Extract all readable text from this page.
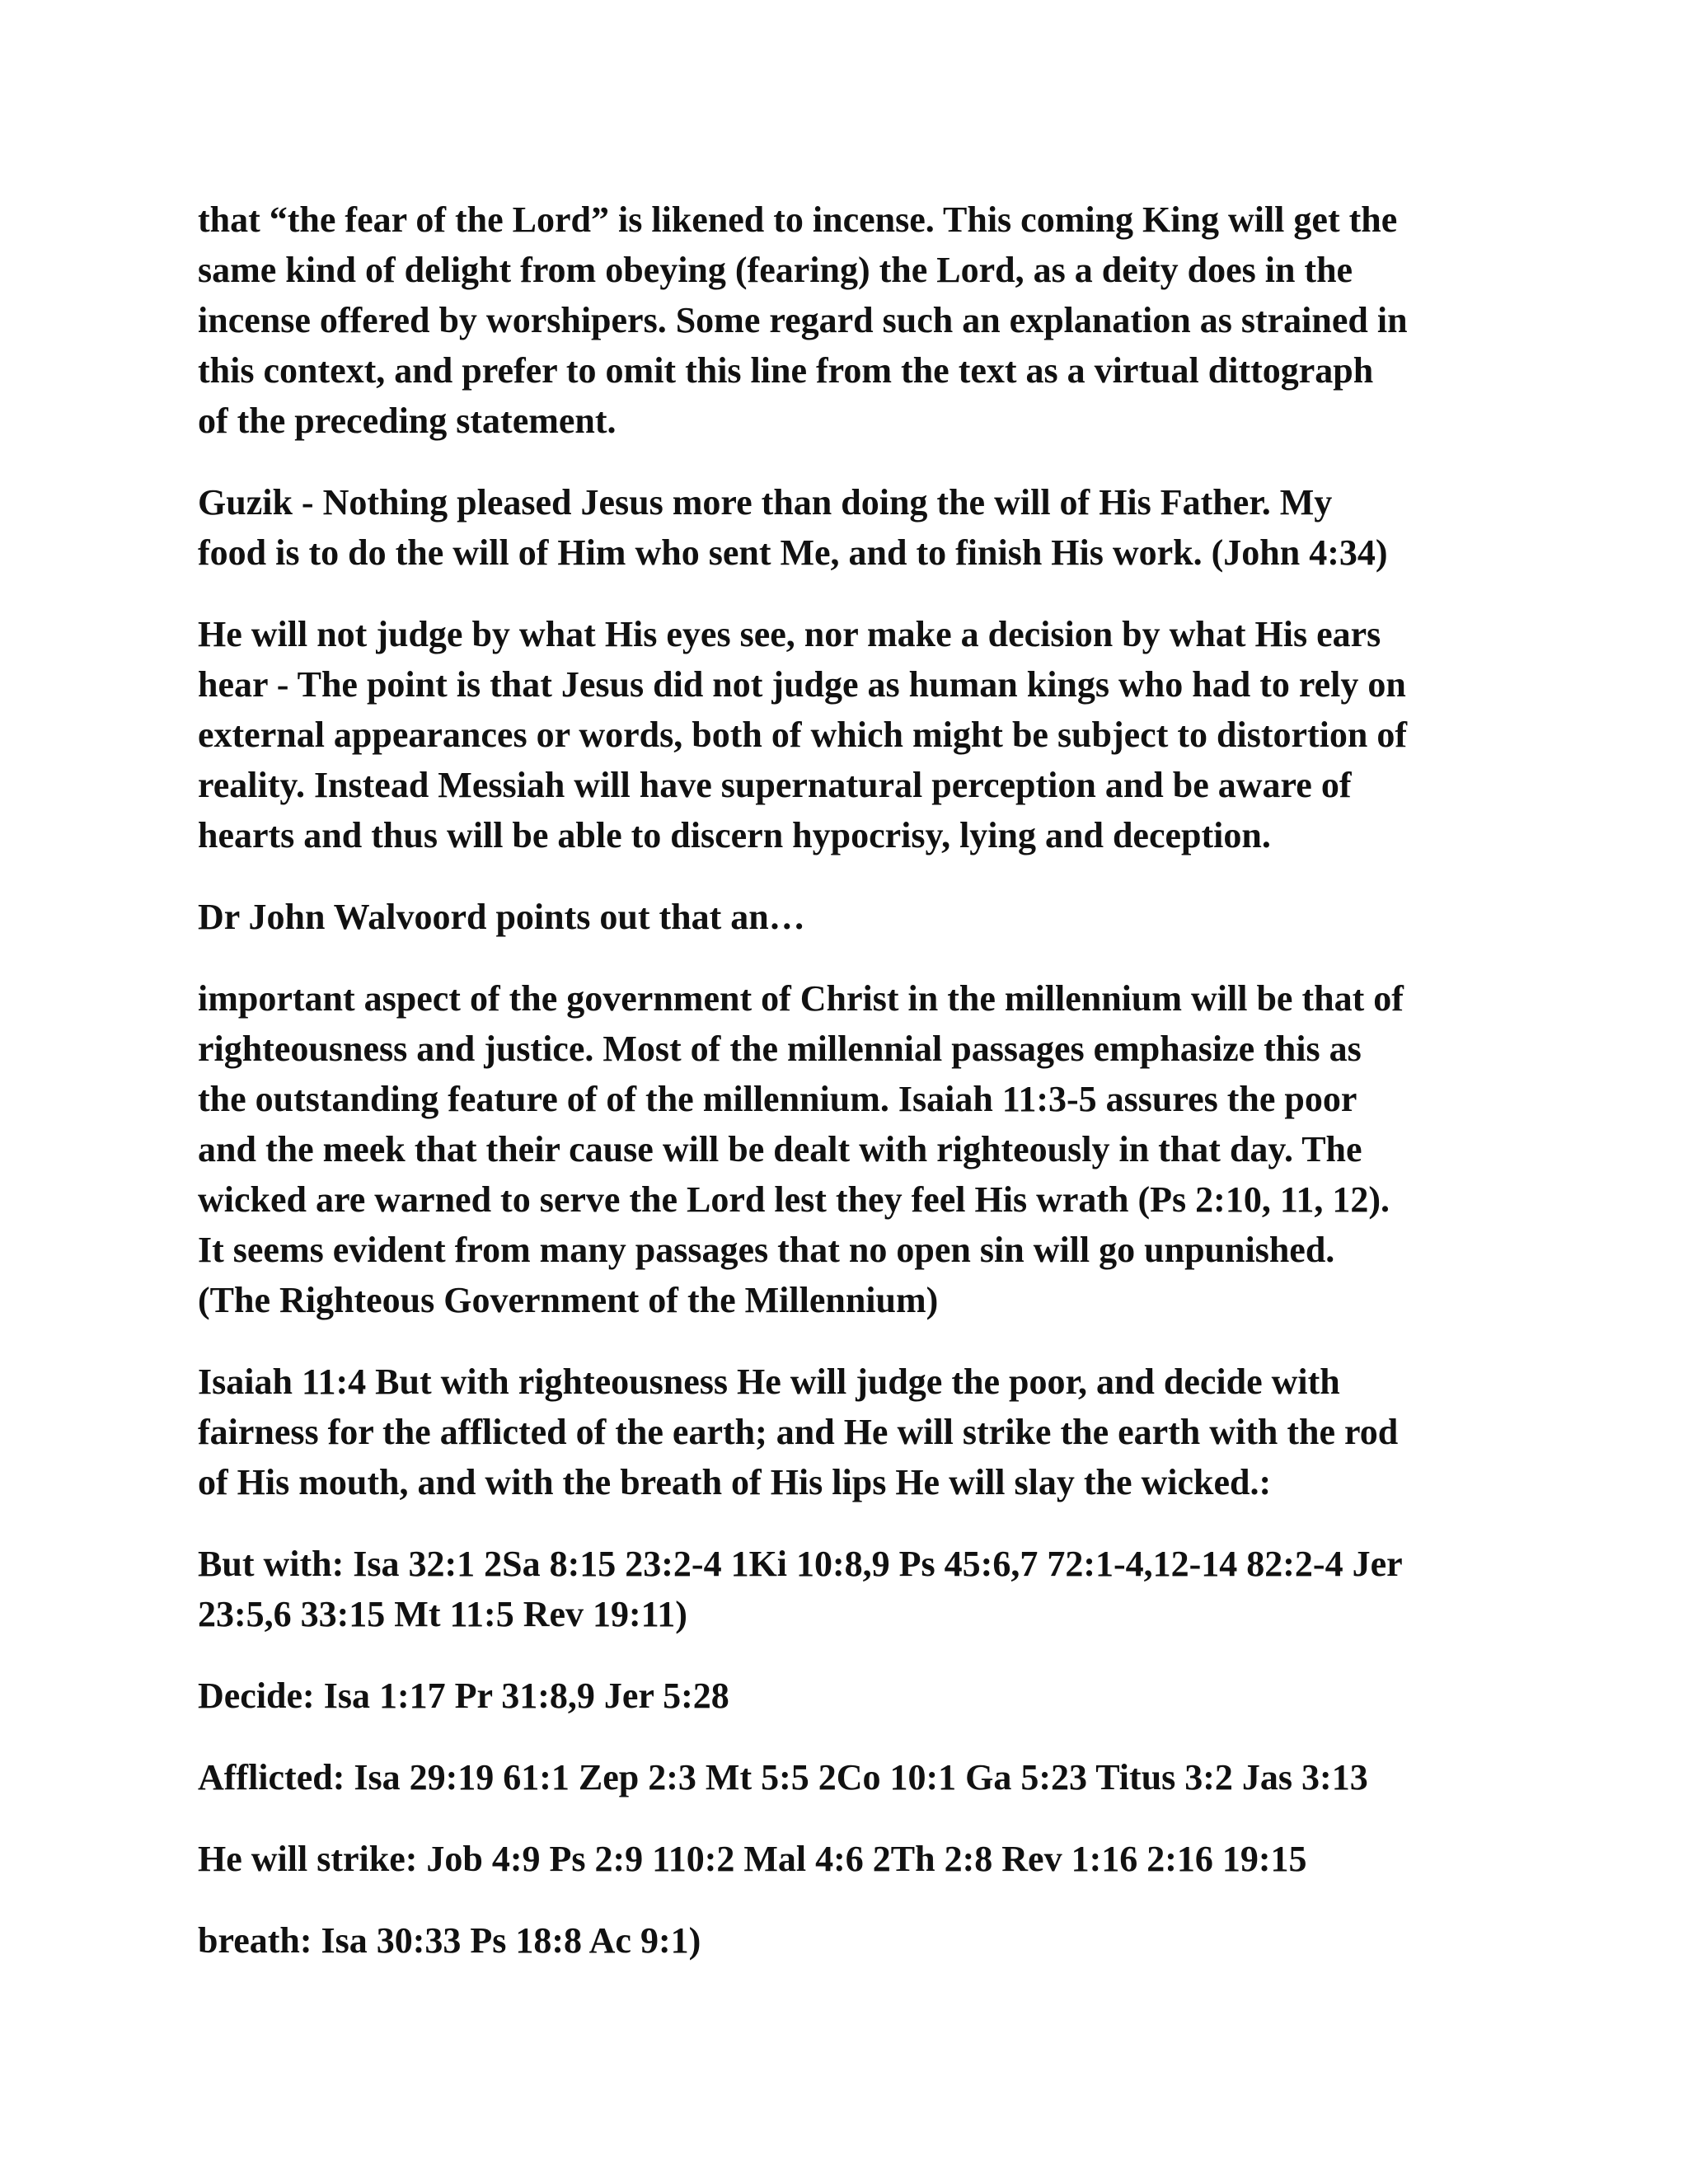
that “the fear of the Lord” is likened to incense. This coming King will get the
same kind of delight from obeying (fearing) the Lord, as a deity does in the
incense offered by worshipers. Some regard such an explanation as strained in
this context, and prefer to omit this line from the text as a virtual dittograph
of the preceding statement.

Guzik - Nothing pleased Jesus more than doing the will of His Father. My
food is to do the will of Him who sent Me, and to finish His work. (John 4:34)

He will not judge by what His eyes see, nor make a decision by what His ears
hear - The point is that Jesus did not judge as human kings who had to rely on
external appearances or words, both of which might be subject to distortion of
reality. Instead Messiah will have supernatural perception and be aware of
hearts and thus will be able to discern hypocrisy, lying and deception.

Dr John Walvoord points out that an…

important aspect of the government of Christ in the millennium will be that of
righteousness and justice. Most of the millennial passages emphasize this as
the outstanding feature of of the millennium. Isaiah 11:3-5 assures the poor
and the meek that their cause will be dealt with righteously in that day. The
wicked are warned to serve the Lord lest they feel His wrath (Ps 2:10, 11, 12).
It seems evident from many passages that no open sin will go unpunished.
(The Righteous Government of the Millennium)

Isaiah 11:4 But with righteousness He will judge the poor, and decide with
fairness for the afflicted of the earth; and He will strike the earth with the rod
of His mouth, and with the breath of His lips He will slay the wicked.:

But with: Isa 32:1 2Sa 8:15 23:2-4 1Ki 10:8,9 Ps 45:6,7 72:1-4,12-14 82:2-4 Jer
23:5,6 33:15 Mt 11:5 Rev 19:11)

Decide: Isa 1:17 Pr 31:8,9 Jer 5:28

Afflicted: Isa 29:19 61:1 Zep 2:3 Mt 5:5 2Co 10:1 Ga 5:23 Titus 3:2 Jas 3:13

He will strike: Job 4:9 Ps 2:9 110:2 Mal 4:6 2Th 2:8 Rev 1:16 2:16 19:15

breath: Isa 30:33 Ps 18:8 Ac 9:1)
